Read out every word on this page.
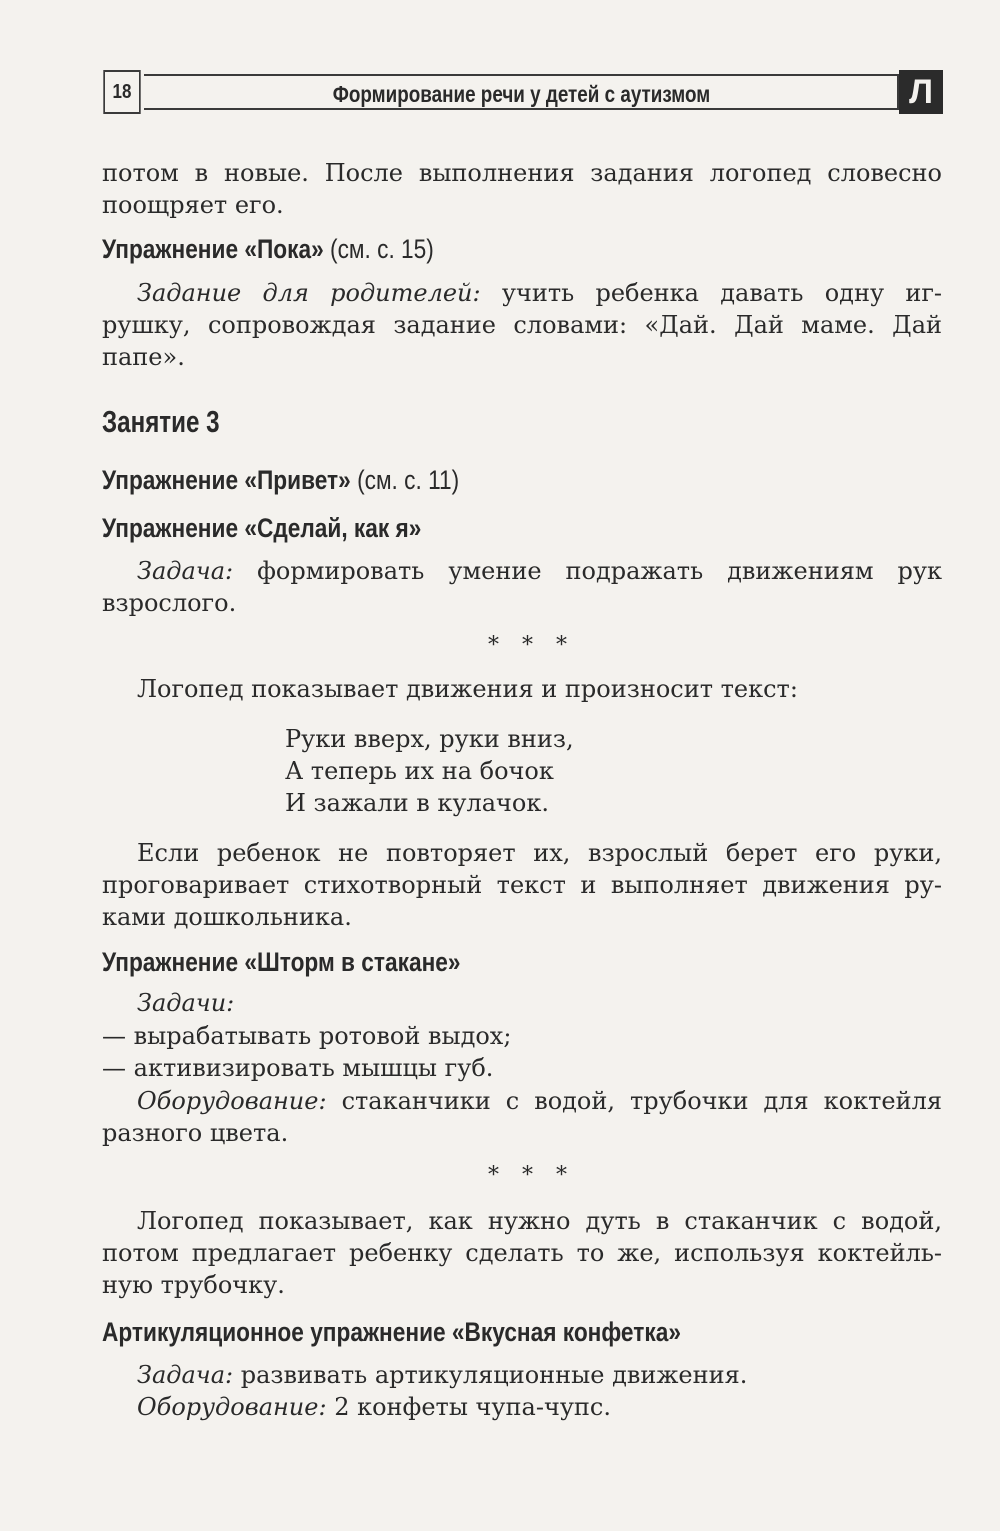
18	Формирование речи у детей с аутизмом	Л
потом в новые. После выполнения задания логопед словесно
поощряет его.
Упражнение «Пока» (см. с. 15)
Задание для родителей: учить ребенка давать одну иг-
рушку, сопровождая задание словами: «Дай. Дай маме. Дай
папе».
Занятие 3
Упражнение «Привет» (см. с. 11)
Упражнение «Сделай, как я»
Задача: формировать умение подражать движениям рук
взрослого.
* * *
Логопед показывает движения и произносит текст:
Руки вверх, руки вниз,
А теперь их на бочок
И зажали в кулачок.
Если ребенок не повторяет их, взрослый берет его руки,
проговаривает стихотворный текст и выполняет движения ру-
ками дошкольника.
Упражнение «Шторм в стакане»
Задачи:
— вырабатывать ротовой выдох;
— активизировать мышцы губ.
Оборудование: стаканчики с водой, трубочки для коктейля
разного цвета.
* * *
Логопед показывает, как нужно дуть в стаканчик с водой,
потом предлагает ребенку сделать то же, используя коктейль-
ную трубочку.
Артикуляционное упражнение «Вкусная конфетка»
Задача: развивать артикуляционные движения.
Оборудование: 2 конфеты чупа-чупс.
